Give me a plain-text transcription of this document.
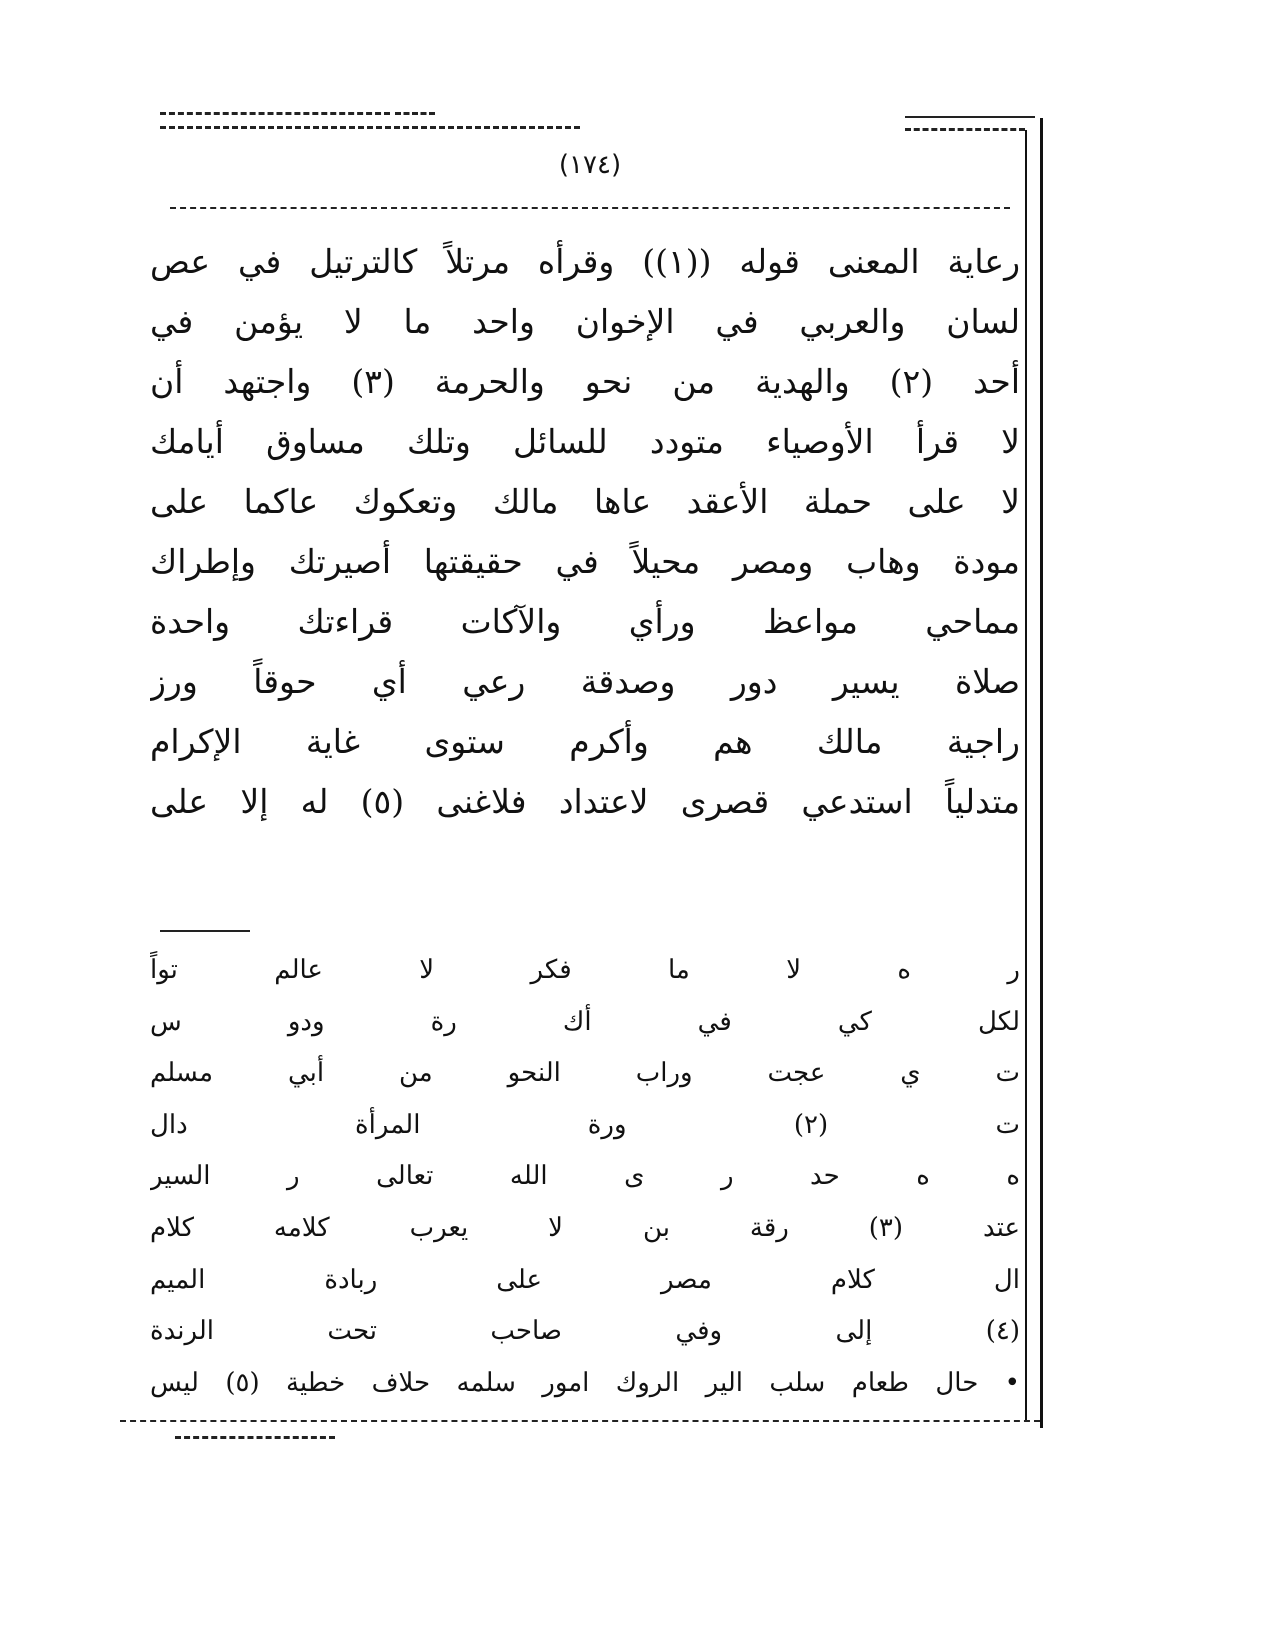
(١٧٤)
رعاية المعنى قوله ((١)) وقرأه مرتلاً كالترتيل في عص
لسان والعربي في الإخوان واحد ما لا يؤمن في
أحد (٢) والهدية من نحو والحرمة (٣) واجتهد أن
لا قرأ الأوصياء متودد للسائل وتلك مساوق أيامك
لا على حملة الأعقد عاها مالك وتعكوك عاكما على
مودة وهاب ومصر محيلاً في حقيقتها أصيرتك وإطراك
مماحي مواعظ ورأي والآكات قراءتك واحدة
صلاة يسير دور وصدقة رعي أي حوقاً ورز
راجية مالك هم وأكرم ستوى غاية الإكرام
متدلياً استدعي قصرى لاعتداد فلاغنى (٥) له إلا على
ر ه لا ما فكر لا عالم تواً
لكل كي في أك رة ودو س
ت ي عجت وراب النحو من أبي مسلم
ت (٢) ورة المرأة دال
ه ه حد ر ى الله تعالى ر السير
عتد (٣) رقة بن لا يعرب كلامه كلام
ال كلام مصر على ربادة الميم
(٤) إلى وفي صاحب تحت الرندة
• حال طعام سلب الير الروك امور سلمه حلاف خطية (٥) ليس
